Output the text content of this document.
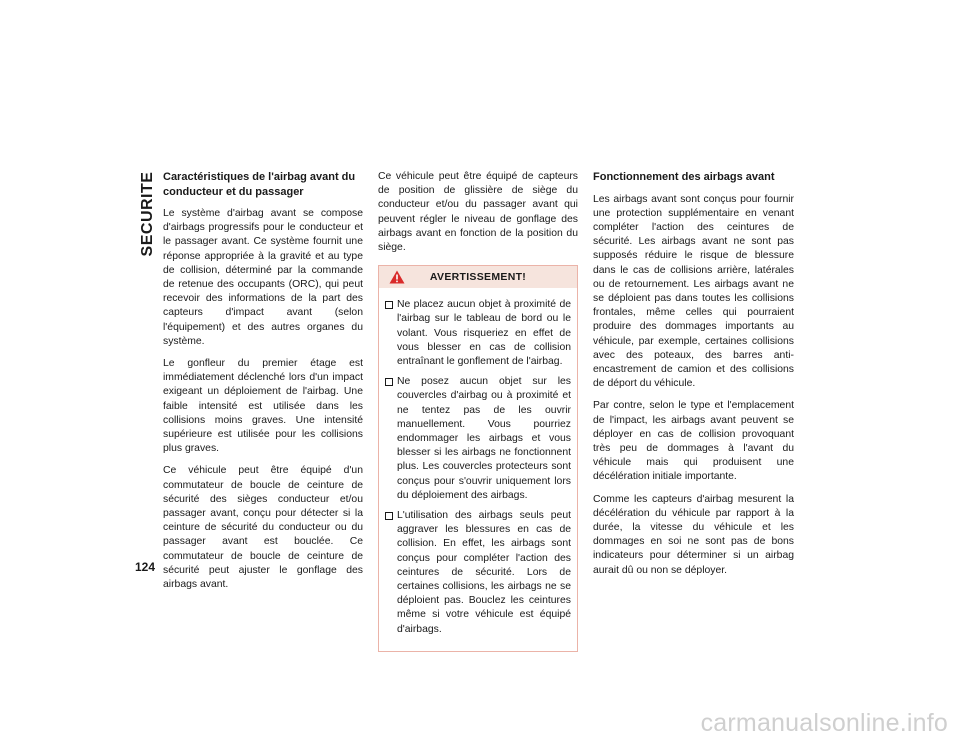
SECURITE
124
Caractéristiques de l'airbag avant du conducteur et du passager

Le système d'airbag avant se compose d'airbags progressifs pour le conducteur et le passager avant. Ce système fournit une réponse appropriée à la gravité et au type de collision, déterminé par la commande de retenue des occupants (ORC), qui peut recevoir des informations de la part des capteurs d'impact avant (selon l'équipement) et des autres organes du système.

Le gonfleur du premier étage est immédiatement déclenché lors d'un impact exigeant un déploiement de l'airbag. Une faible intensité est utilisée dans les collisions moins graves. Une intensité supérieure est utilisée pour les collisions plus graves.

Ce véhicule peut être équipé d'un commutateur de boucle de ceinture de sécurité des sièges conducteur et/ou passager avant, conçu pour détecter si la ceinture de sécurité du conducteur ou du passager avant est bouclée. Ce commutateur de boucle de ceinture de sécurité peut ajuster le gonflage des airbags avant.

Ce véhicule peut être équipé de capteurs de position de glissière de siège du conducteur et/ou du passager avant qui peuvent régler le niveau de gonflage des airbags avant en fonction de la position du siège.

AVERTISSEMENT!
Ne placez aucun objet à proximité de l'airbag sur le tableau de bord ou le volant. Vous risqueriez en effet de vous blesser en cas de collision entraînant le gonflement de l'airbag.
Ne posez aucun objet sur les couvercles d'airbag ou à proximité et ne tentez pas de les ouvrir manuellement. Vous pourriez endommager les airbags et vous blesser si les airbags ne fonctionnent plus. Les couvercles protecteurs sont conçus pour s'ouvrir uniquement lors du déploiement des airbags.
L'utilisation des airbags seuls peut aggraver les blessures en cas de collision. En effet, les airbags sont conçus pour compléter l'action des ceintures de sécurité. Lors de certaines collisions, les airbags ne se déploient pas. Bouclez les ceintures même si votre véhicule est équipé d'airbags.
Fonctionnement des airbags avant

Les airbags avant sont conçus pour fournir une protection supplémentaire en venant compléter l'action des ceintures de sécurité. Les airbags avant ne sont pas supposés réduire le risque de blessure dans le cas de collisions arrière, latérales ou de retournement. Les airbags avant ne se déploient pas dans toutes les collisions frontales, même celles qui pourraient produire des dommages importants au véhicule, par exemple, certaines collisions avec des poteaux, des barres anti-encastrement de camion et des collisions de déport du véhicule.

Par contre, selon le type et l'emplacement de l'impact, les airbags avant peuvent se déployer en cas de collision provoquant très peu de dommages à l'avant du véhicule mais qui produisent une décélération initiale importante.

Comme les capteurs d'airbag mesurent la décélération du véhicule par rapport à la durée, la vitesse du véhicule et les dommages en soi ne sont pas de bons indicateurs pour déterminer si un airbag aurait dû ou non se déployer.

carmanualsonline.info
